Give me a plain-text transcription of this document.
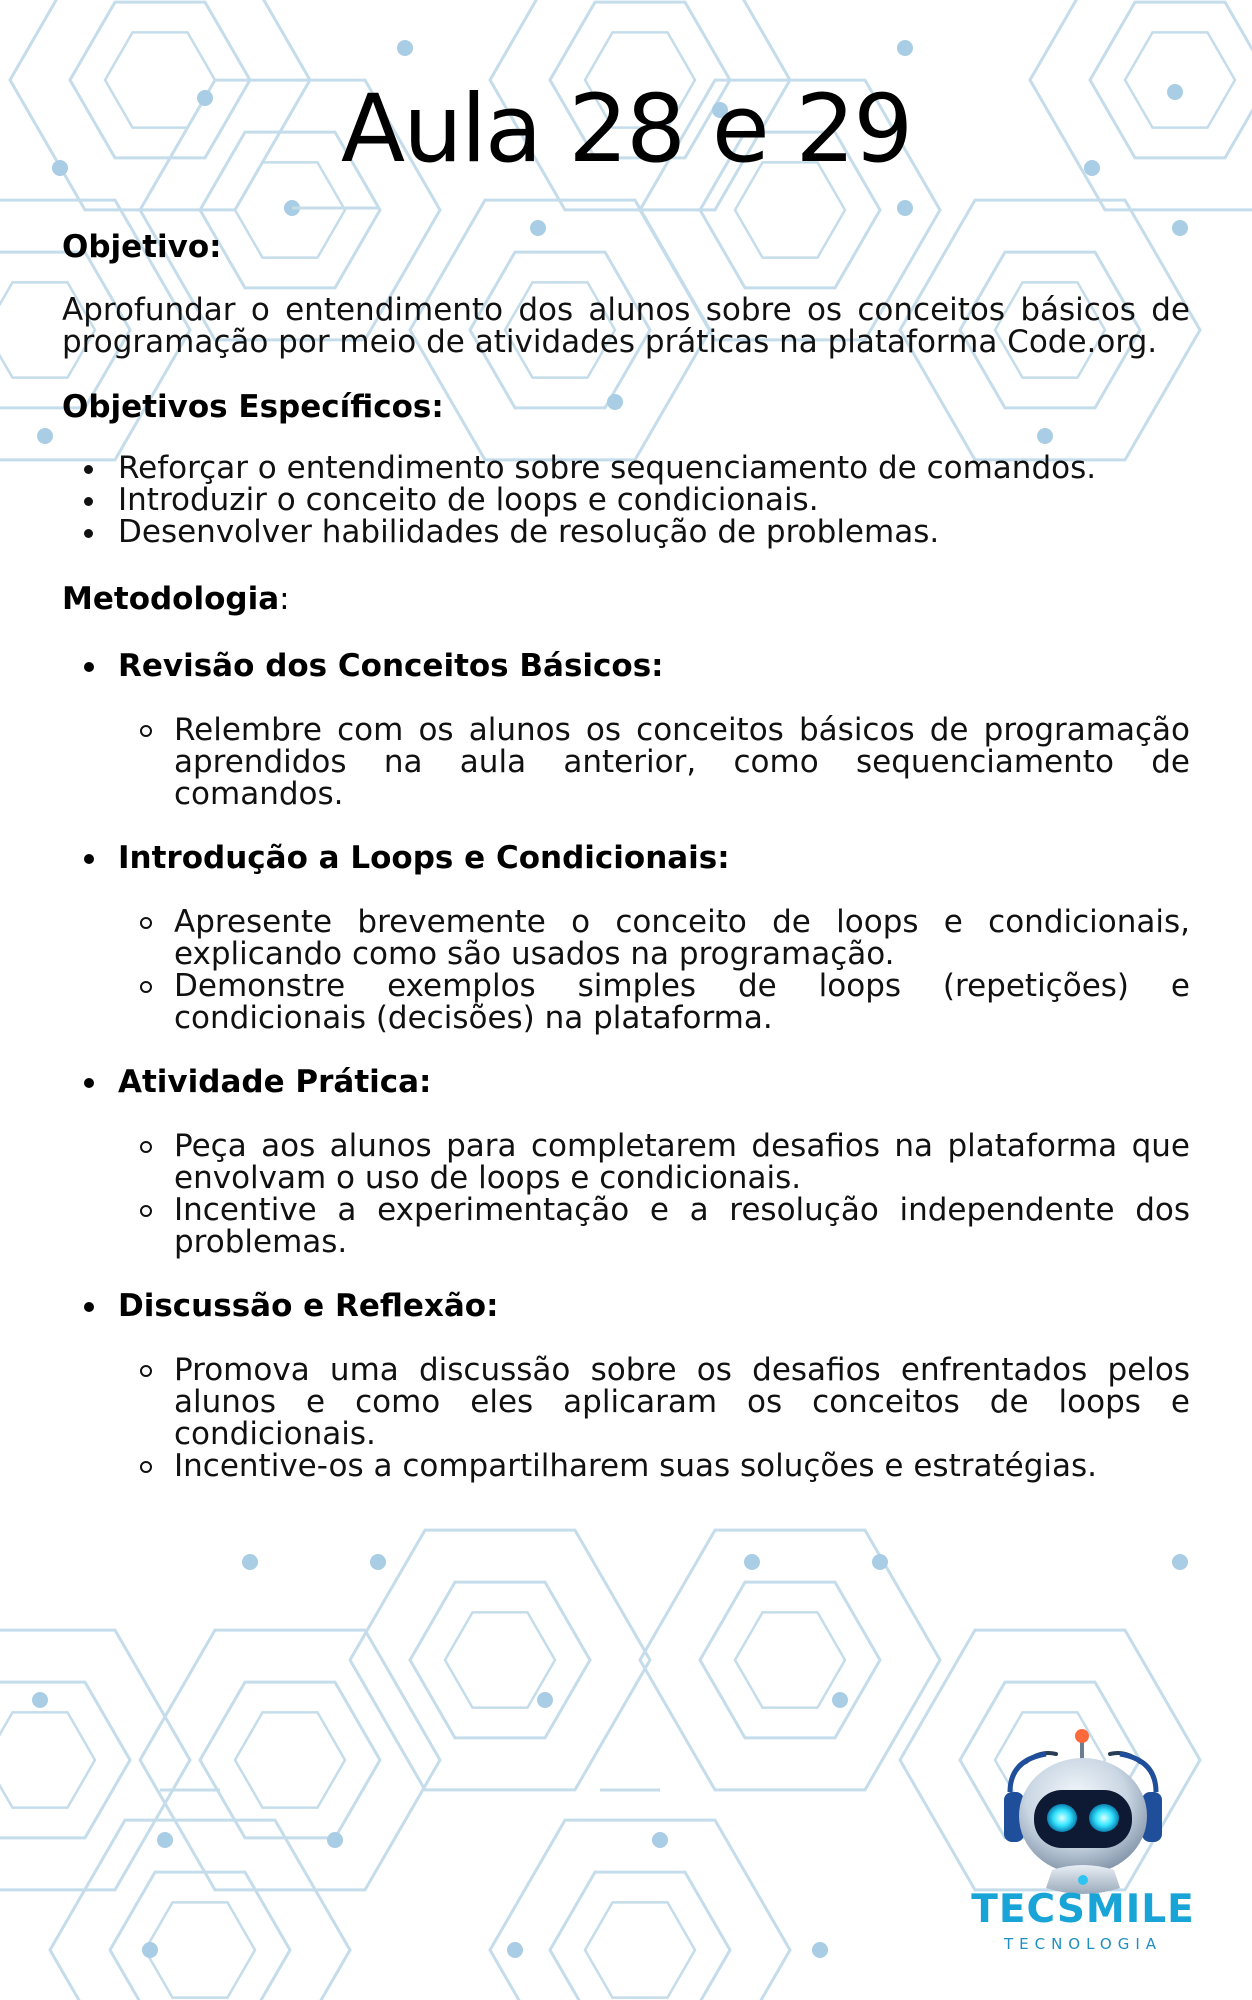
Aula 28 e 29

Objetivo:

Aprofundar o entendimento dos alunos sobre os conceitos básicos de programação por meio de atividades práticas na plataforma Code.org.

Objetivos Específicos:

Reforçar o entendimento sobre sequenciamento de comandos.
Introduzir o conceito de loops e condicionais.
Desenvolver habilidades de resolução de problemas.

Metodologia:

Revisão dos Conceitos Básicos:
Relembre com os alunos os conceitos básicos de programação aprendidos na aula anterior, como sequenciamento de comandos.
Introdução a Loops e Condicionais:
Apresente brevemente o conceito de loops e condicionais, explicando como são usados na programação.
Demonstre exemplos simples de loops (repetições) e condicionais (decisões) na plataforma.
Atividade Prática:
Peça aos alunos para completarem desafios na plataforma que envolvam o uso de loops e condicionais.
Incentive a experimentação e a resolução independente dos problemas.
Discussão e Reflexão:
Promova uma discussão sobre os desafios enfrentados pelos alunos e como eles aplicaram os conceitos de loops e condicionais.
Incentive-os a compartilharem suas soluções e estratégias.
TECSMILE
TECNOLOGIA
